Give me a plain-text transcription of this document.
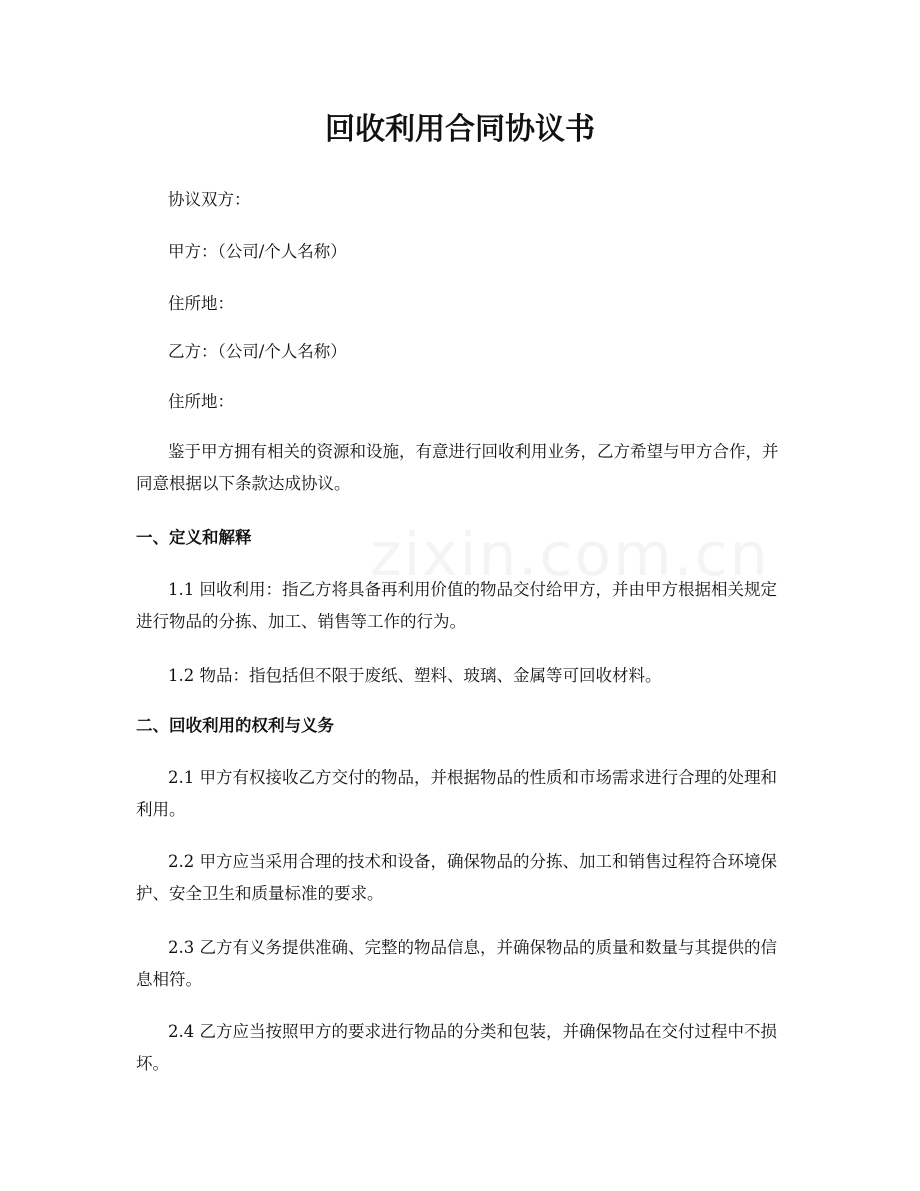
回收利用合同协议书

协议双方：

甲方：（公司/个人名称）

住所地：

乙方：（公司/个人名称）

住所地：

鉴于甲方拥有相关的资源和设施，有意进行回收利用业务，乙方希望与甲方合作，并同意根据以下条款达成协议。

一、定义和解释

1.1 回收利用：指乙方将具备再利用价值的物品交付给甲方，并由甲方根据相关规定进行物品的分拣、加工、销售等工作的行为。

1.2 物品：指包括但不限于废纸、塑料、玻璃、金属等可回收材料。

二、回收利用的权利与义务

2.1 甲方有权接收乙方交付的物品，并根据物品的性质和市场需求进行合理的处理和利用。

2.2 甲方应当采用合理的技术和设备，确保物品的分拣、加工和销售过程符合环境保护、安全卫生和质量标准的要求。

2.3 乙方有义务提供准确、完整的物品信息，并确保物品的质量和数量与其提供的信息相符。

2.4 乙方应当按照甲方的要求进行物品的分类和包装，并确保物品在交付过程中不损坏。
